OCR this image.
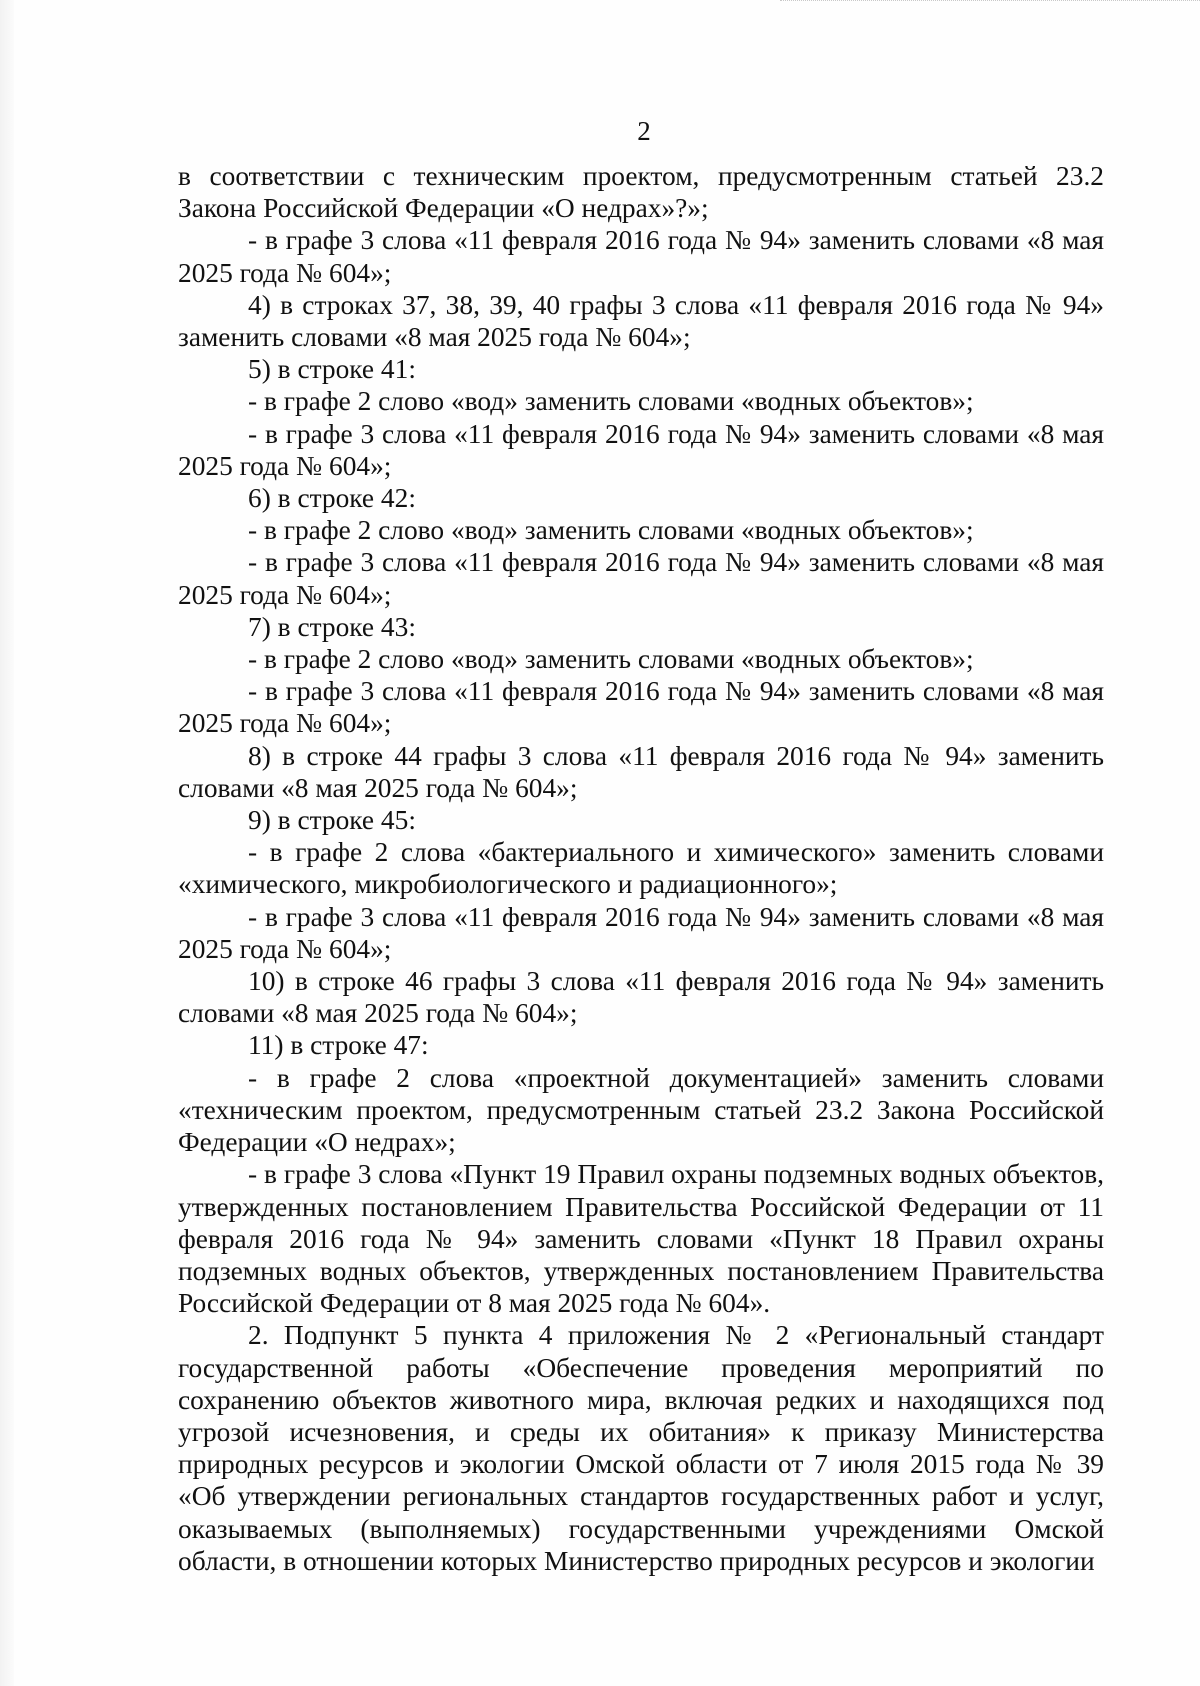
2

в соответствии с техническим проектом, предусмотренным статьей 23.2 Закона Российской Федерации «О недрах»?»;

- в графе 3 слова «11 февраля 2016 года № 94» заменить словами «8 мая 2025 года № 604»;

4) в строках 37, 38, 39, 40 графы 3 слова «11 февраля 2016 года № 94» заменить словами «8 мая 2025 года № 604»;

5) в строке 41:

- в графе 2 слово «вод» заменить словами «водных объектов»;

- в графе 3 слова «11 февраля 2016 года № 94» заменить словами «8 мая 2025 года № 604»;

6) в строке 42:

- в графе 2 слово «вод» заменить словами «водных объектов»;

- в графе 3 слова «11 февраля 2016 года № 94» заменить словами «8 мая 2025 года № 604»;

7) в строке 43:

- в графе 2 слово «вод» заменить словами «водных объектов»;

- в графе 3 слова «11 февраля 2016 года № 94» заменить словами «8 мая 2025 года № 604»;

8) в строке 44 графы 3 слова «11 февраля 2016 года № 94» заменить словами «8 мая 2025 года № 604»;

9) в строке 45:

- в графе 2 слова «бактериального и химического» заменить словами «химического, микробиологического и радиационного»;

- в графе 3 слова «11 февраля 2016 года № 94» заменить словами «8 мая 2025 года № 604»;

10) в строке 46 графы 3 слова «11 февраля 2016 года № 94» заменить словами «8 мая 2025 года № 604»;

11) в строке 47:

- в графе 2 слова «проектной документацией» заменить словами «техническим проектом, предусмотренным статьей 23.2 Закона Российской Федерации «О недрах»;

- в графе 3 слова «Пункт 19 Правил охраны подземных водных объектов, утвержденных постановлением Правительства Российской Федерации от 11 февраля 2016 года № 94» заменить словами «Пункт 18 Правил охраны подземных водных объектов, утвержденных постановлением Правительства Российской Федерации от 8 мая 2025 года № 604».

2. Подпункт 5 пункта 4 приложения № 2 «Региональный стандарт государственной работы «Обеспечение проведения мероприятий по сохранению объектов животного мира, включая редких и находящихся под угрозой исчезновения, и среды их обитания» к приказу Министерства природных ресурсов и экологии Омской области от 7 июля 2015 года № 39 «Об утверждении региональных стандартов государственных работ и услуг, оказываемых (выполняемых) государственными учреждениями Омской области, в отношении которых Министерство природных ресурсов и экологии
